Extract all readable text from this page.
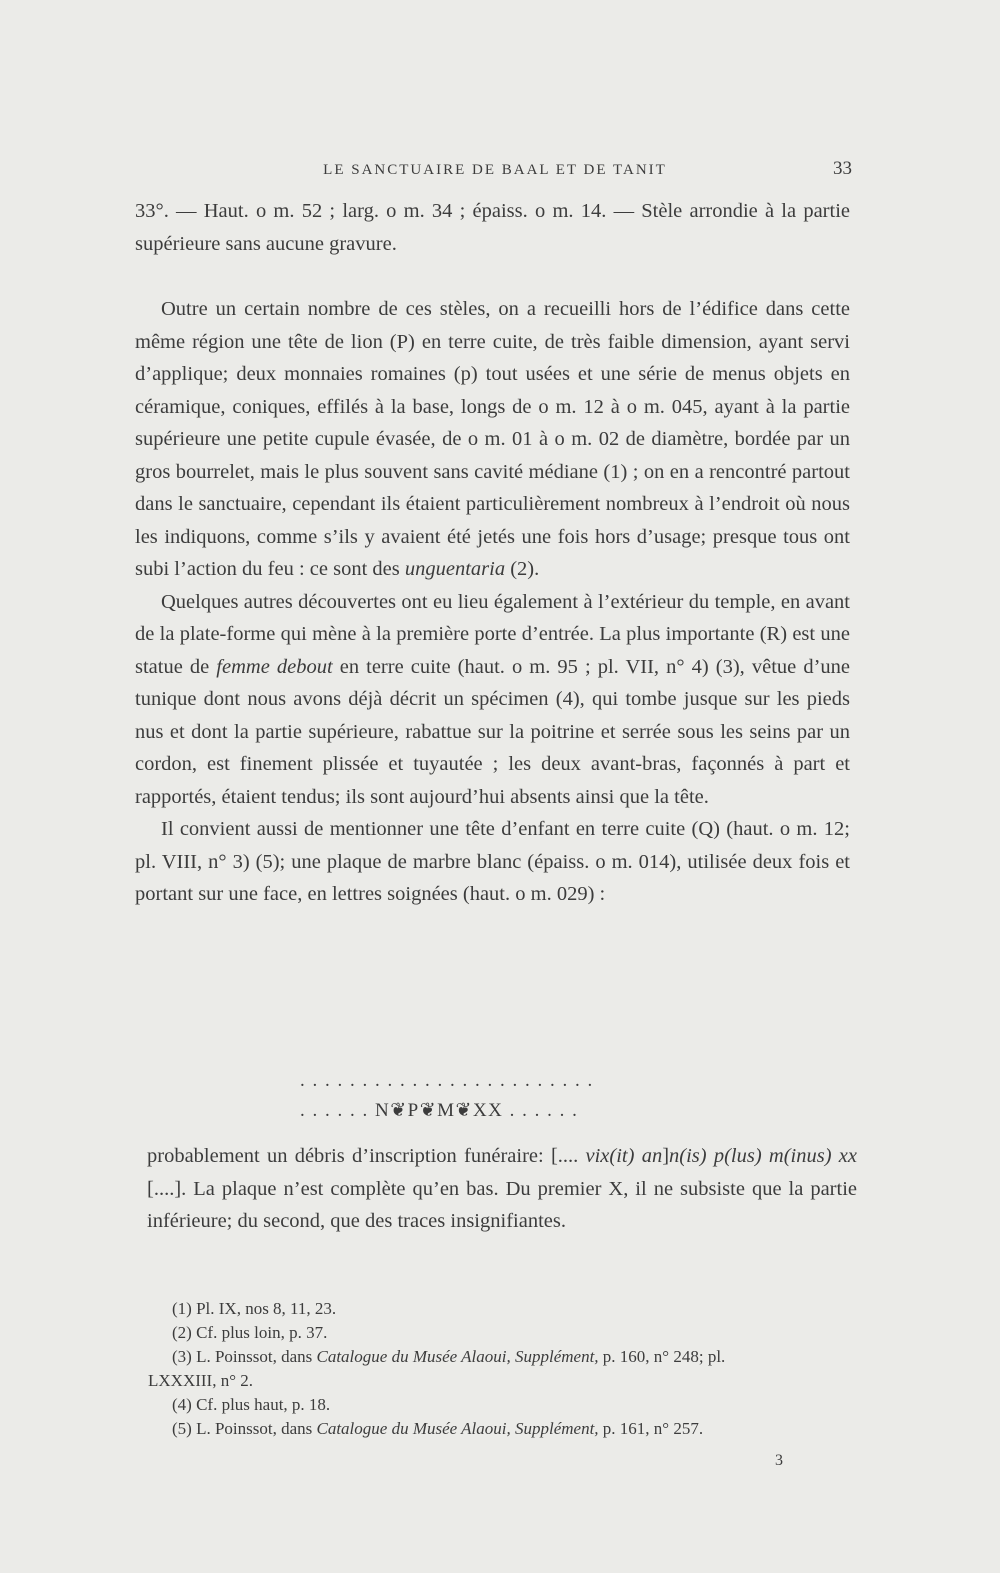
LE SANCTUAIRE DE BAAL ET DE TANIT	33

33°. — Haut. o m. 52 ; larg. o m. 34 ; épaiss. o m. 14. — Stèle arrondie à la partie supérieure sans aucune gravure.

Outre un certain nombre de ces stèles, on a recueilli hors de l’édifice dans cette même région une tête de lion (P) en terre cuite, de très faible dimension, ayant servi d’applique; deux monnaies romaines (p) tout usées et une série de menus objets en céramique, coniques, effilés à la base, longs de o m. 12 à o m. 045, ayant à la partie supérieure une petite cupule évasée, de o m. 01 à o m. 02 de diamètre, bordée par un gros bourrelet, mais le plus souvent sans cavité médiane (1) ; on en a rencontré partout dans le sanctuaire, cependant ils étaient particulièrement nombreux à l’endroit où nous les indiquons, comme s’ils y avaient été jetés une fois hors d’usage; presque tous ont subi l’action du feu : ce sont des unguentaria (2).

Quelques autres découvertes ont eu lieu également à l’extérieur du temple, en avant de la plate-forme qui mène à la première porte d’entrée. La plus importante (R) est une statue de femme debout en terre cuite (haut. o m. 95 ; pl. VII, n° 4) (3), vêtue d’une tunique dont nous avons déjà décrit un spécimen (4), qui tombe jusque sur les pieds nus et dont la partie supérieure, rabattue sur la poitrine et serrée sous les seins par un cordon, est finement plissée et tuyautée ; les deux avant-bras, façonnés à part et rapportés, étaient tendus; ils sont aujourd’hui absents ainsi que la tête.

Il convient aussi de mentionner une tête d’enfant en terre cuite (Q) (haut. o m. 12; pl. VIII, n° 3) (5); une plaque de marbre blanc (épaiss. o m. 014), utilisée deux fois et portant sur une face, en lettres soignées (haut. o m. 029) :

. . . . . . . . . . . . . . . . . . . . . . . .
. . . . . . N❦P❦M❦XX . . . . . .

probablement un débris d’inscription funéraire: [.... vix(it) an]n(is) p(lus) m(inus) xx [....]. La plaque n’est complète qu’en bas. Du premier X, il ne subsiste que la partie inférieure; du second, que des traces insignifiantes.

(1) Pl. IX, nos 8, 11, 23.

(2) Cf. plus loin, p. 37.

(3) L. Poinssot, dans Catalogue du Musée Alaoui, Supplément, p. 160, n° 248; pl.

LXXXIII, n° 2.

(4) Cf. plus haut, p. 18.

(5) L. Poinssot, dans Catalogue du Musée Alaoui, Supplément, p. 161, n° 257.

3
